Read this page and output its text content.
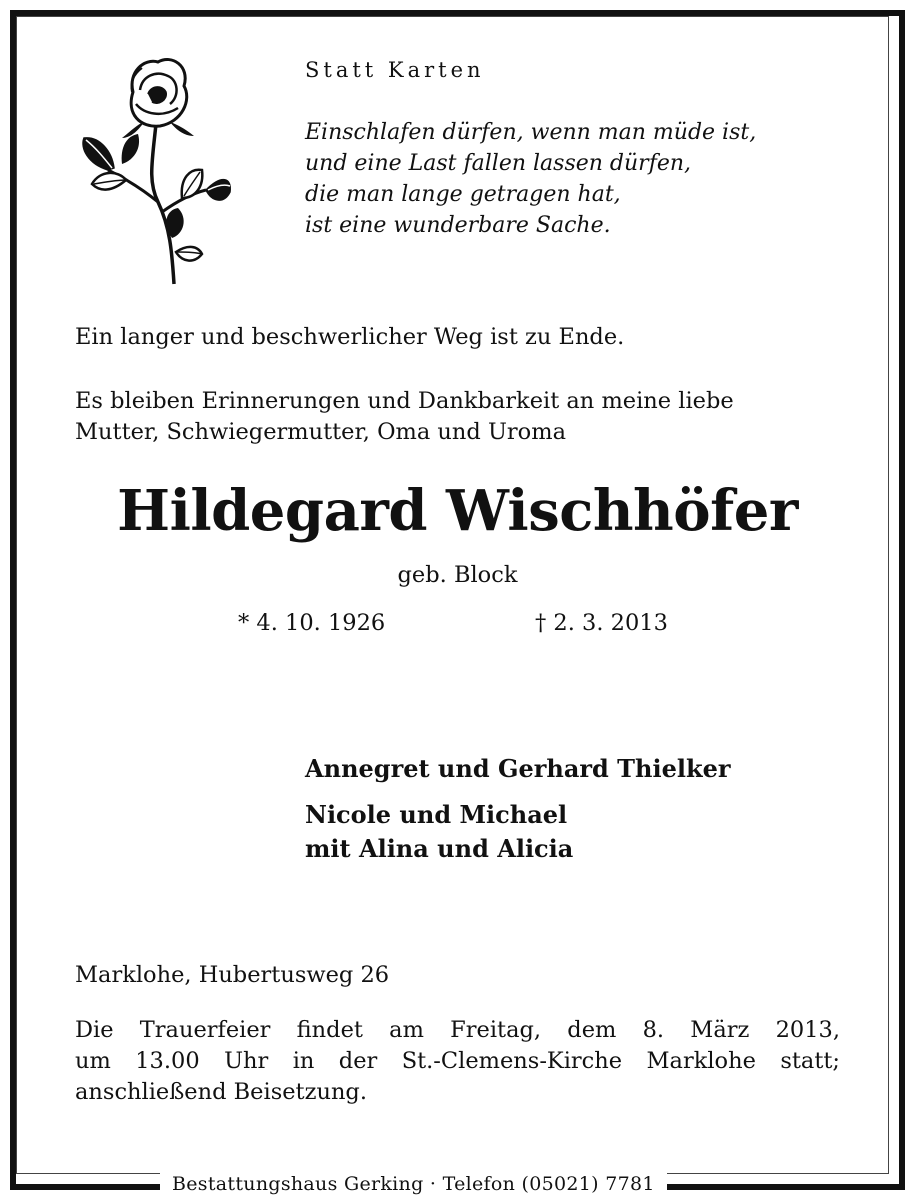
Statt Karten
Einschlafen dürfen, wenn man müde ist,
und eine Last fallen lassen dürfen,
die man lange getragen hat,
ist eine wunderbare Sache.
Ein langer und beschwerlicher Weg ist zu Ende.
Es bleiben Erinnerungen und Dankbarkeit an meine liebe
Mutter, Schwiegermutter, Oma und Uroma
Hildegard Wischhöfer
geb. Block
* 4. 10. 1926	† 2. 3. 2013
Annegret und Gerhard Thielker
Nicole und Michael
mit Alina und Alicia
Marklohe, Hubertusweg 26
Die Trauerfeier findet am Freitag, dem 8. März 2013,
um 13.00 Uhr in der St.-Clemens-Kirche Marklohe statt;
anschließend Beisetzung.
Bestattungshaus Gerking · Telefon (05021) 7781
